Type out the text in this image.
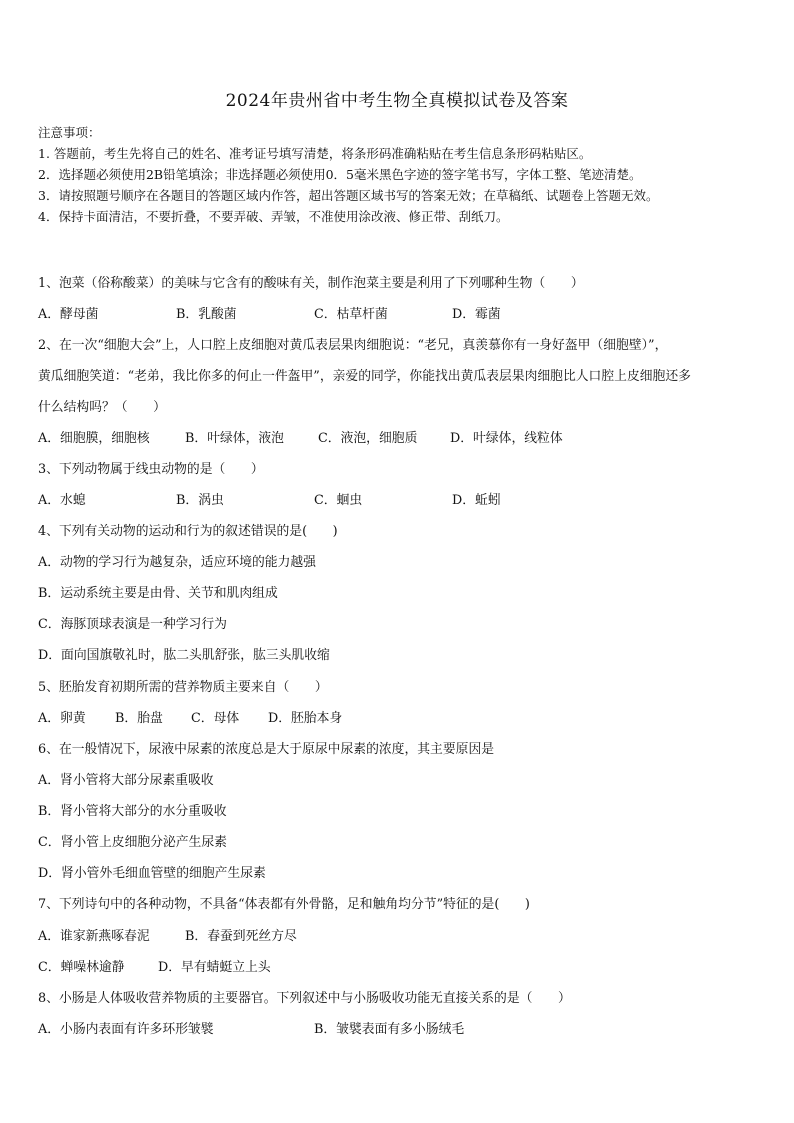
2024年贵州省中考生物全真模拟试卷及答案
注意事项：
1. 答题前，考生先将自己的姓名、准考证号填写清楚，将条形码准确粘贴在考生信息条形码粘贴区。
2．选择题必须使用2B铅笔填涂；非选择题必须使用0．5毫米黑色字迹的签字笔书写，字体工整、笔迹清楚。
3．请按照题号顺序在各题目的答题区域内作答，超出答题区域书写的答案无效；在草稿纸、试题卷上答题无效。
4．保持卡面清洁，不要折叠，不要弄破、弄皱，不准使用涂改液、修正带、刮纸刀。
1、泡菜（俗称酸菜）的美味与它含有的酸味有关，制作泡菜主要是利用了下列哪种生物（　　）
A．酵母菌	B．乳酸菌	C．枯草杆菌	D．霉菌
2、在一次“细胞大会”上，人口腔上皮细胞对黄瓜表层果肉细胞说：“老兄，真羡慕你有一身好盔甲（细胞壁）”，
黄瓜细胞笑道：“老弟，我比你多的何止一件盔甲”，亲爱的同学，你能找出黄瓜表层果肉细胞比人口腔上皮细胞还多
什么结构吗？（　　）
A．细胞膜，细胞核	B．叶绿体，液泡	C．液泡，细胞质	D．叶绿体，线粒体
3、下列动物属于线虫动物的是（　　）
A．水螅	B．涡虫	C．蛔虫	D．蚯蚓
4、下列有关动物的运动和行为的叙述错误的是(　　)
A．动物的学习行为越复杂，适应环境的能力越强
B．运动系统主要是由骨、关节和肌肉组成
C．海豚顶球表演是一种学习行为
D．面向国旗敬礼时，肱二头肌舒张，肱三头肌收缩
5、胚胎发育初期所需的营养物质主要来自（　　）
A．卵黄 B．胎盘 C．母体 D．胚胎本身
6、在一般情况下，尿液中尿素的浓度总是大于原尿中尿素的浓度，其主要原因是
A．肾小管将大部分尿素重吸收
B．肾小管将大部分的水分重吸收
C．肾小管上皮细胞分泌产生尿素
D．肾小管外毛细血管壁的细胞产生尿素
7、下列诗句中的各种动物，不具备“体表都有外骨骼，足和触角均分节”特征的是(　　)
A．谁家新燕啄春泥	B．春蚕到死丝方尽
C．蝉噪林逾静	D．早有蜻蜓立上头
8、小肠是人体吸收营养物质的主要器官。下列叙述中与小肠吸收功能无直接关系的是（　　）
A．小肠内表面有许多环形皱襞	B．皱襞表面有多小肠绒毛
